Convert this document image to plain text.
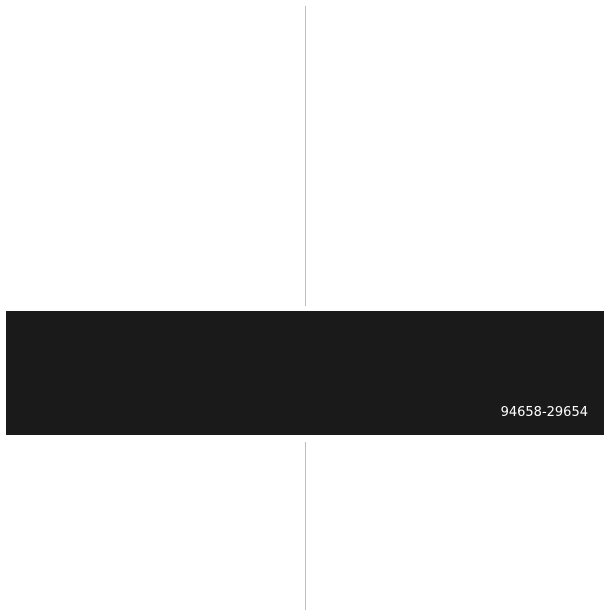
94658-29654
